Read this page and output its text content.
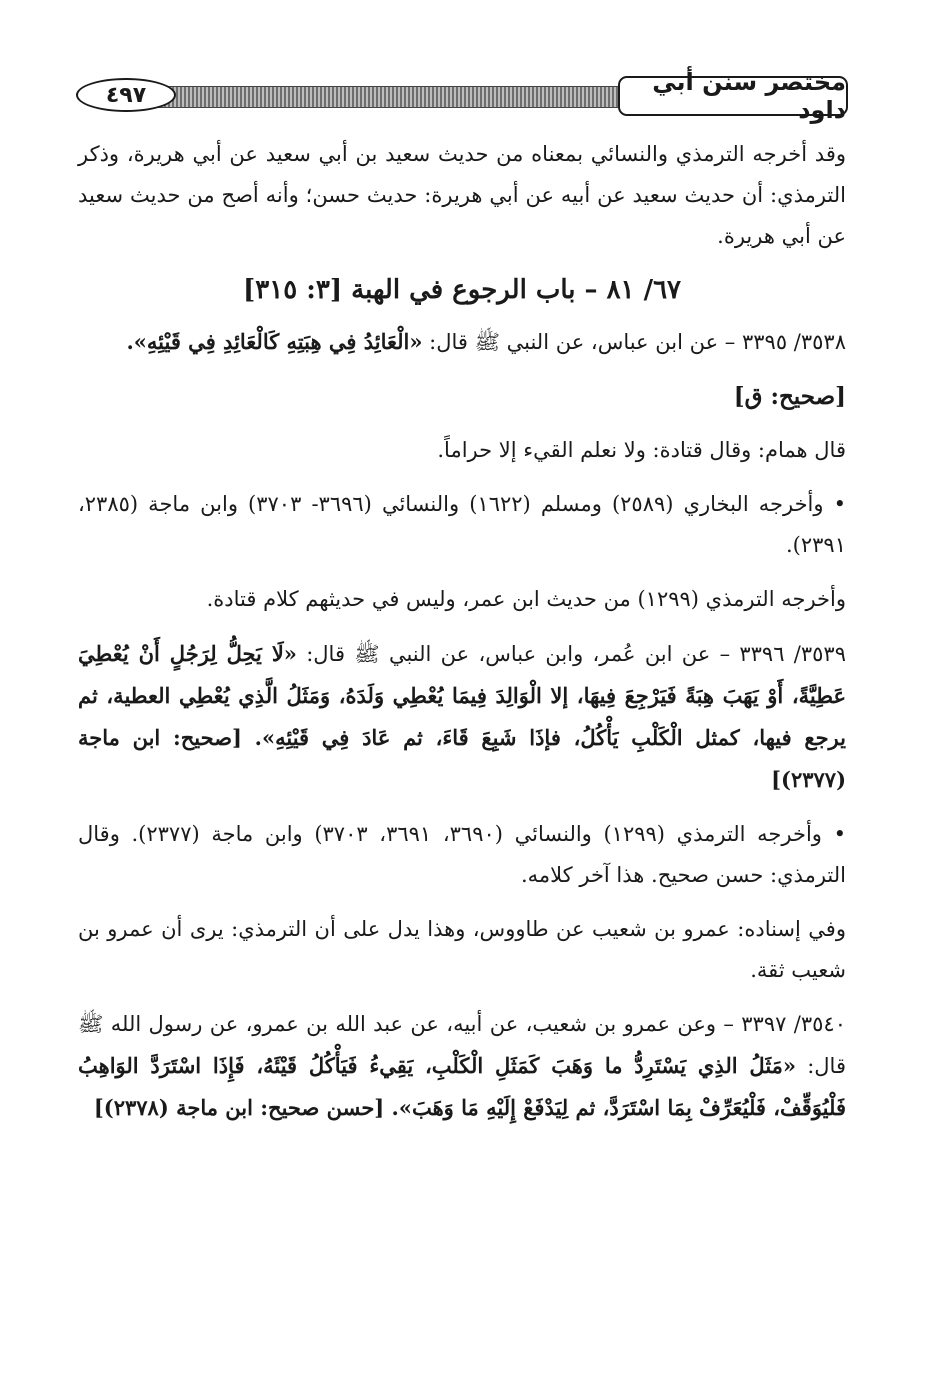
مختصر سنن أبي داود
٤٩٧

وقد أخرجه الترمذي والنسائي بمعناه من حديث سعيد بن أبي سعيد عن أبي هريرة، وذكر الترمذي: أن حديث سعيد عن أبيه عن أبي هريرة: حديث حسن؛ وأنه أصح من حديث سعيد عن أبي هريرة.

٦٧/ ٨١ – باب الرجوع في الهبة [٣: ٣١٥]

٣٥٣٨/ ٣٣٩٥ – عن ابن عباس، عن النبي ﷺ قال: «الْعَائِدُ فِي هِبَتِهِ كَالْعَائِدِ فِي قَيْئِهِ».

[صحيح: ق]

قال همام: وقال قتادة: ولا نعلم القيء إلا حراماً.

• وأخرجه البخاري (٢٥٨٩) ومسلم (١٦٢٢) والنسائي (٣٦٩٦- ٣٧٠٣) وابن ماجة (٢٣٨٥، ٢٣٩١).

وأخرجه الترمذي (١٢٩٩) من حديث ابن عمر، وليس في حديثهم كلام قتادة.

٣٥٣٩/ ٣٣٩٦ – عن ابن عُمر، وابن عباس، عن النبي ﷺ قال: «لَا يَحِلُّ لِرَجُلٍ أَنْ يُعْطِيَ عَطِيَّةً، أَوْ يَهَبَ هِبَةً فَيَرْجِعَ فِيهَا، إلا الْوَالِدَ فِيمَا يُعْطِي وَلَدَهُ، وَمَثَلُ الَّذِي يُعْطِي العطية، ثم يرجع فيها، كمثل الْكَلْبِ يَأْكُلُ، فإذَا شَبِعَ قَاءَ، ثم عَادَ فِي قَيْئِهِ». [صحيح: ابن ماجة (٢٣٧٧)]

• وأخرجه الترمذي (١٢٩٩) والنسائي (٣٦٩٠، ٣٦٩١، ٣٧٠٣) وابن ماجة (٢٣٧٧). وقال الترمذي: حسن صحيح. هذا آخر كلامه.

وفي إسناده: عمرو بن شعيب عن طاووس، وهذا يدل على أن الترمذي: يرى أن عمرو بن شعيب ثقة.

٣٥٤٠/ ٣٣٩٧ – وعن عمرو بن شعيب، عن أبيه، عن عبد الله بن عمرو، عن رسول الله ﷺ قال: «مَثَلُ الذِي يَسْتَرِدُّ ما وَهَبَ كَمَثَلِ الْكَلْبِ، يَقِيءُ فَيَأْكُلُ قَيْئَهُ، فَإِذَا اسْتَرَدَّ الوَاهِبُ فَلْيُوَقِّفْ، فَلْيُعَرِّفْ بِمَا اسْتَرَدَّ، ثم لِيَدْفَعْ إِلَيْهِ مَا وَهَبَ». [حسن صحيح: ابن ماجة (٢٣٧٨)]
